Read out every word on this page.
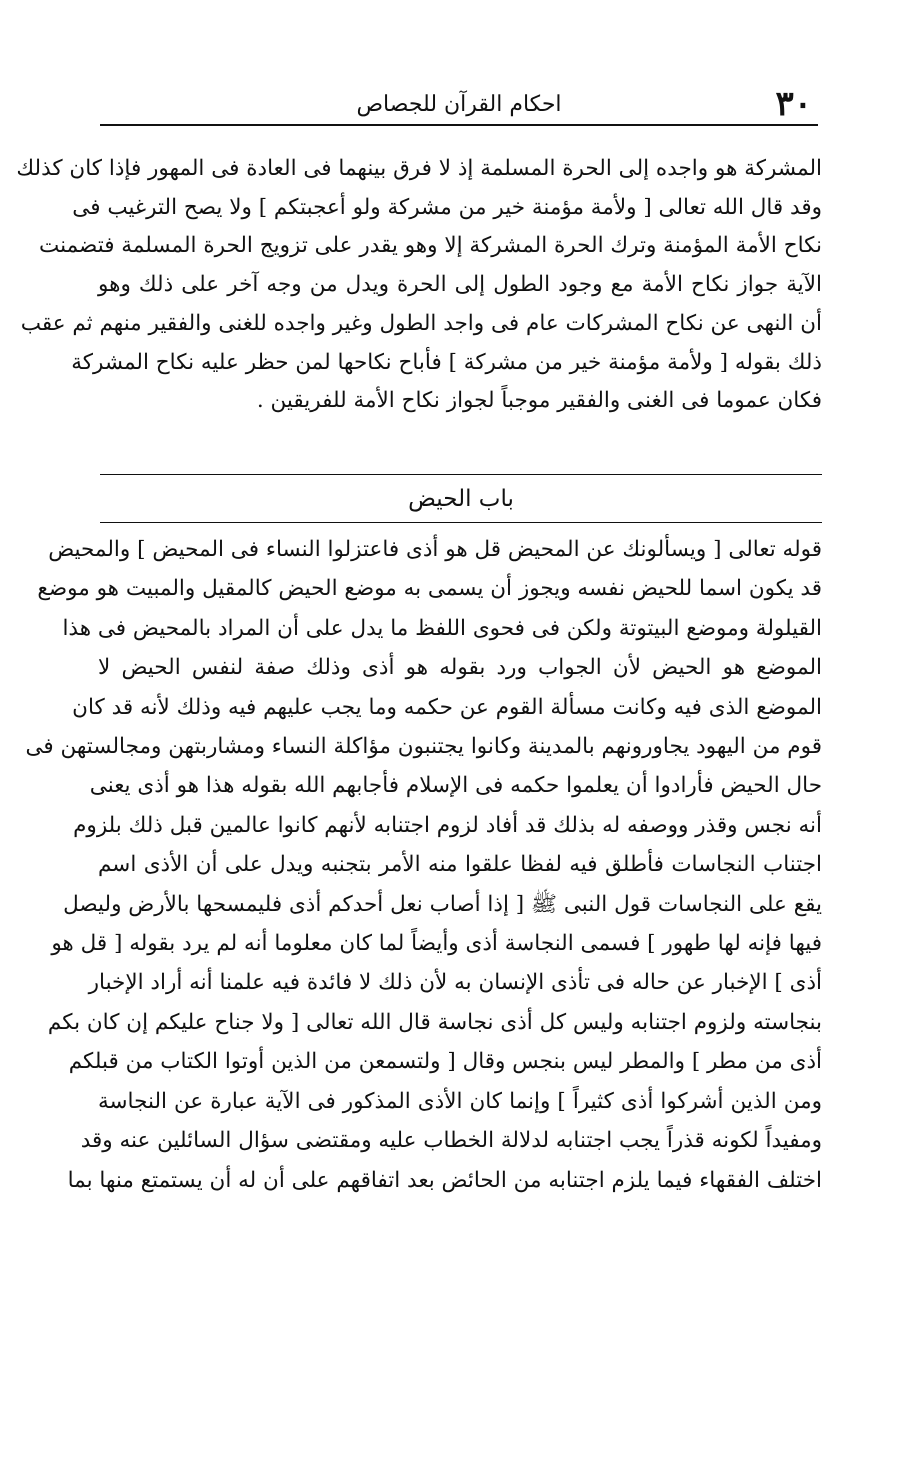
٣٠
احکام القرآن للجصاص
المشركة هو واجده إلى الحرة المسلمة إذ لا فرق بينهما فى العادة فى المهور فإذا كان كذلك
وقد قال الله تعالى [ ولأمة مؤمنة خير من مشركة ولو أعجبتكم ] ولا يصح الترغيب فى
نكاح الأمة المؤمنة وترك الحرة المشركة إلا وهو يقدر على تزويج الحرة المسلمة فتضمنت
الآية جواز نكاح الأمة مع وجود الطول إلى الحرة ويدل من وجه آخر على ذلك وهو
أن النهى عن نكاح المشركات عام فى واجد الطول وغير واجده للغنى والفقير منهم ثم عقب
ذلك بقوله [ ولأمة مؤمنة خير من مشركة ] فأباح نكاحها لمن حظر عليه نكاح المشركة
فكان عموما فى الغنى والفقير موجباً لجواز نكاح الأمة للفريقين .
باب الحيض
قوله تعالى [ ويسألونك عن المحيض قل هو أذى فاعتزلوا النساء فى المحيض ] والمحيض
قد يكون اسما للحيض نفسه ويجوز أن يسمى به موضع الحيض كالمقيل والمبيت هو موضع
القيلولة وموضع البيتوتة ولكن فى فحوى اللفظ ما يدل على أن المراد بالمحيض فى هذا
الموضع هو الحيض لأن الجواب ورد بقوله هو أذى وذلك صفة لنفس الحيض لا
الموضع الذى فيه وكانت مسألة القوم عن حكمه وما يجب عليهم فيه وذلك لأنه قد كان
قوم من اليهود يجاورونهم بالمدينة وكانوا يجتنبون مؤاكلة النساء ومشاربتهن ومجالستهن فى
حال الحيض فأرادوا أن يعلموا حكمه فى الإسلام فأجابهم الله بقوله هذا هو أذى يعنى
أنه نجس وقذر ووصفه له بذلك قد أفاد لزوم اجتنابه لأنهم كانوا عالمين قبل ذلك بلزوم
اجتناب النجاسات فأطلق فيه لفظا علقوا منه الأمر بتجنبه ويدل على أن الأذى اسم
يقع على النجاسات قول النبى ﷺ [ إذا أصاب نعل أحدكم أذى فليمسحها بالأرض وليصل
فيها فإنه لها طهور ] فسمى النجاسة أذى وأيضاً لما كان معلوما أنه لم يرد بقوله [ قل هو
أذى ] الإخبار عن حاله فى تأذى الإنسان به لأن ذلك لا فائدة فيه علمنا أنه أراد الإخبار
بنجاسته ولزوم اجتنابه وليس كل أذى نجاسة قال الله تعالى [ ولا جناح عليكم إن كان بكم
أذى من مطر ] والمطر ليس بنجس وقال [ ولتسمعن من الذين أوتوا الكتاب من قبلكم
ومن الذين أشركوا أذى كثيراً ] وإنما كان الأذى المذكور فى الآية عبارة عن النجاسة
ومفيداً لكونه قذراً يجب اجتنابه لدلالة الخطاب عليه ومقتضى سؤال السائلين عنه وقد
اختلف الفقهاء فيما يلزم اجتنابه من الحائض بعد اتفاقهم على أن له أن يستمتع منها بما
